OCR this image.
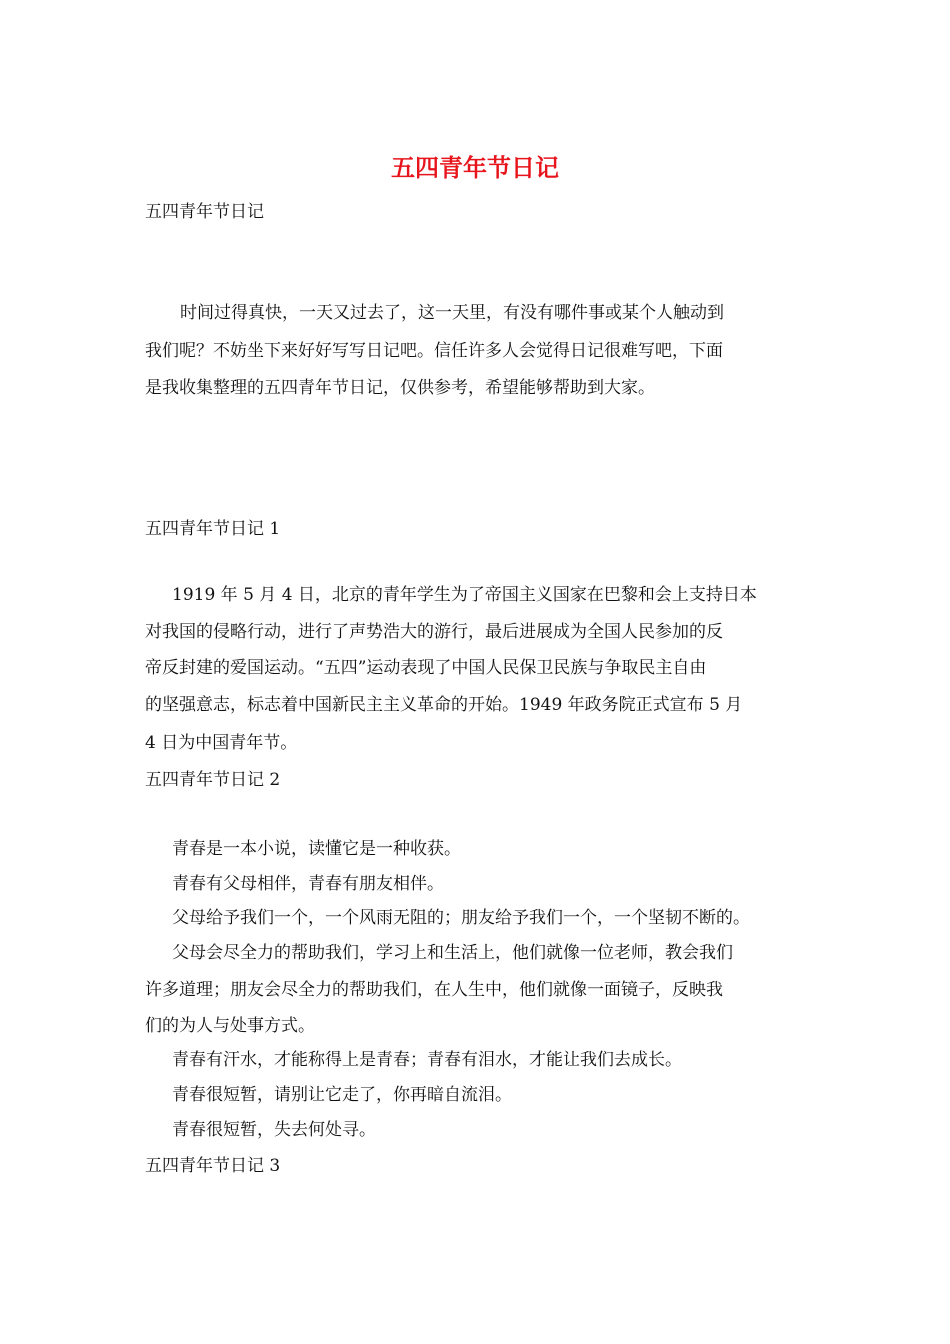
五四青年节日记
五四青年节日记
时间过得真快，一天又过去了，这一天里，有没有哪件事或某个人触动到
我们呢？不妨坐下来好好写写日记吧。信任许多人会觉得日记很难写吧，下面
是我收集整理的五四青年节日记，仅供参考，希望能够帮助到大家。
五四青年节日记 1
1919 年 5 月 4 日，北京的青年学生为了帝国主义国家在巴黎和会上支持日本
对我国的侵略行动，进行了声势浩大的游行，最后进展成为全国人民参加的反
帝反封建的爱国运动。“五四”运动表现了中国人民保卫民族与争取民主自由
的坚强意志，标志着中国新民主主义革命的开始。1949 年政务院正式宣布 5 月
4 日为中国青年节。
五四青年节日记 2
青春是一本小说，读懂它是一种收获。
青春有父母相伴，青春有朋友相伴。
父母给予我们一个，一个风雨无阻的；朋友给予我们一个，一个坚韧不断的。
父母会尽全力的帮助我们，学习上和生活上，他们就像一位老师，教会我们
许多道理；朋友会尽全力的帮助我们，在人生中，他们就像一面镜子，反映我
们的为人与处事方式。
青春有汗水，才能称得上是青春；青春有泪水，才能让我们去成长。
青春很短暂，请别让它走了，你再暗自流泪。
青春很短暂，失去何处寻。
五四青年节日记 3
